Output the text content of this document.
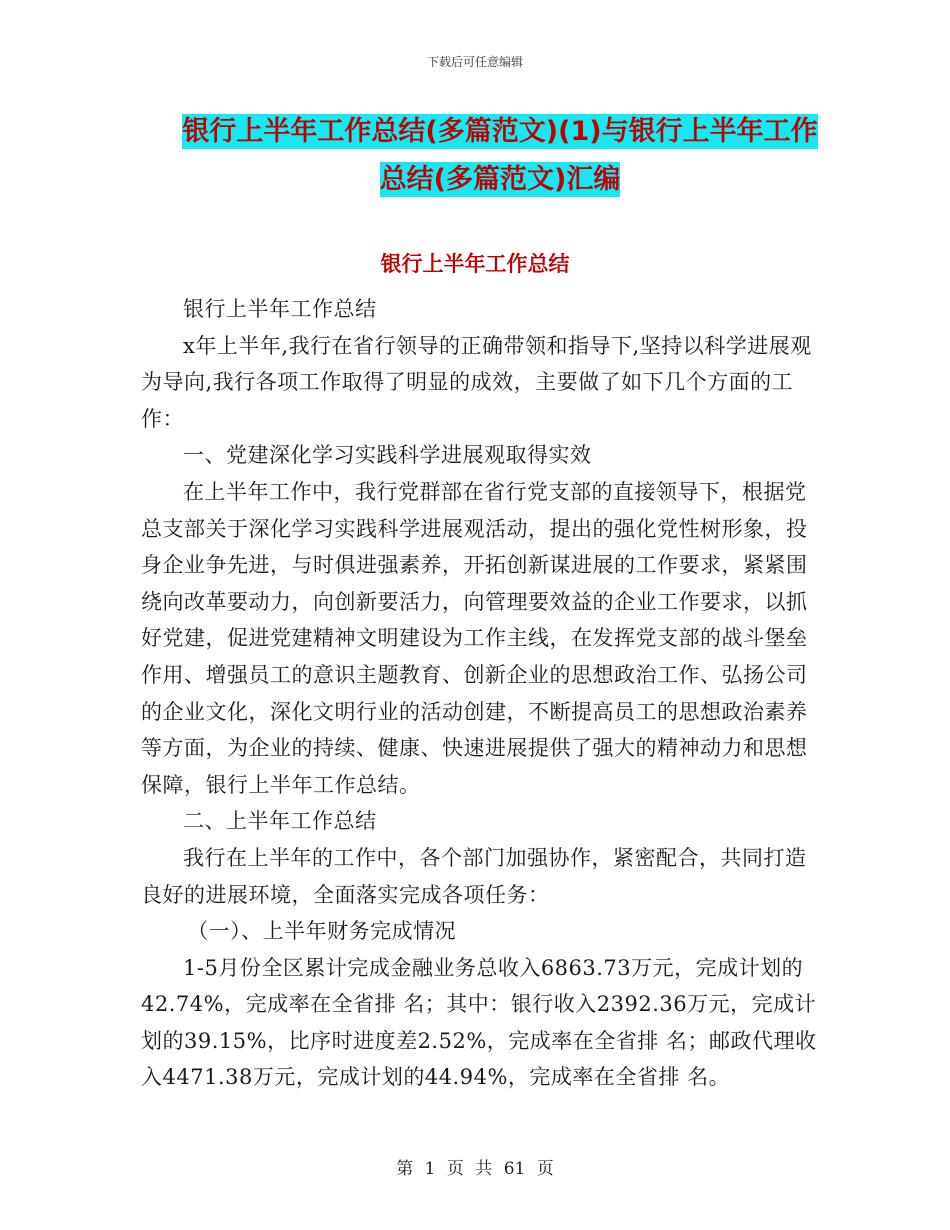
下载后可任意编辑
银行上半年工作总结(多篇范文)(1)与银行上半年工作
总结(多篇范文)汇编
银行上半年工作总结

银行上半年工作总结

x年上半年,我行在省行领导的正确带领和指导下,坚持以科学进展观为导向,我行各项工作取得了明显的成效，主要做了如下几个方面的工作：

一、党建深化学习实践科学进展观取得实效

在上半年工作中，我行党群部在省行党支部的直接领导下，根据党总支部关于深化学习实践科学进展观活动，提出的强化党性树形象，投身企业争先进，与时俱进强素养，开拓创新谋进展的工作要求，紧紧围绕向改革要动力，向创新要活力，向管理要效益的企业工作要求，以抓好党建，促进党建精神文明建设为工作主线，在发挥党支部的战斗堡垒作用、增强员工的意识主题教育、创新企业的思想政治工作、弘扬公司的企业文化，深化文明行业的活动创建，不断提高员工的思想政治素养等方面，为企业的持续、健康、快速进展提供了强大的精神动力和思想保障，银行上半年工作总结。

二、上半年工作总结

我行在上半年的工作中，各个部门加强协作，紧密配合，共同打造良好的进展环境，全面落实完成各项任务：

（一）、上半年财务完成情况

1-5月份全区累计完成金融业务总收入6863.73万元，完成计划的42.74%，完成率在全省排 名；其中：银行收入2392.36万元，完成计划的39.15%，比序时进度差2.52%，完成率在全省排 名；邮政代理收入4471.38万元，完成计划的44.94%，完成率在全省排 名。

第 1 页 共 61 页
